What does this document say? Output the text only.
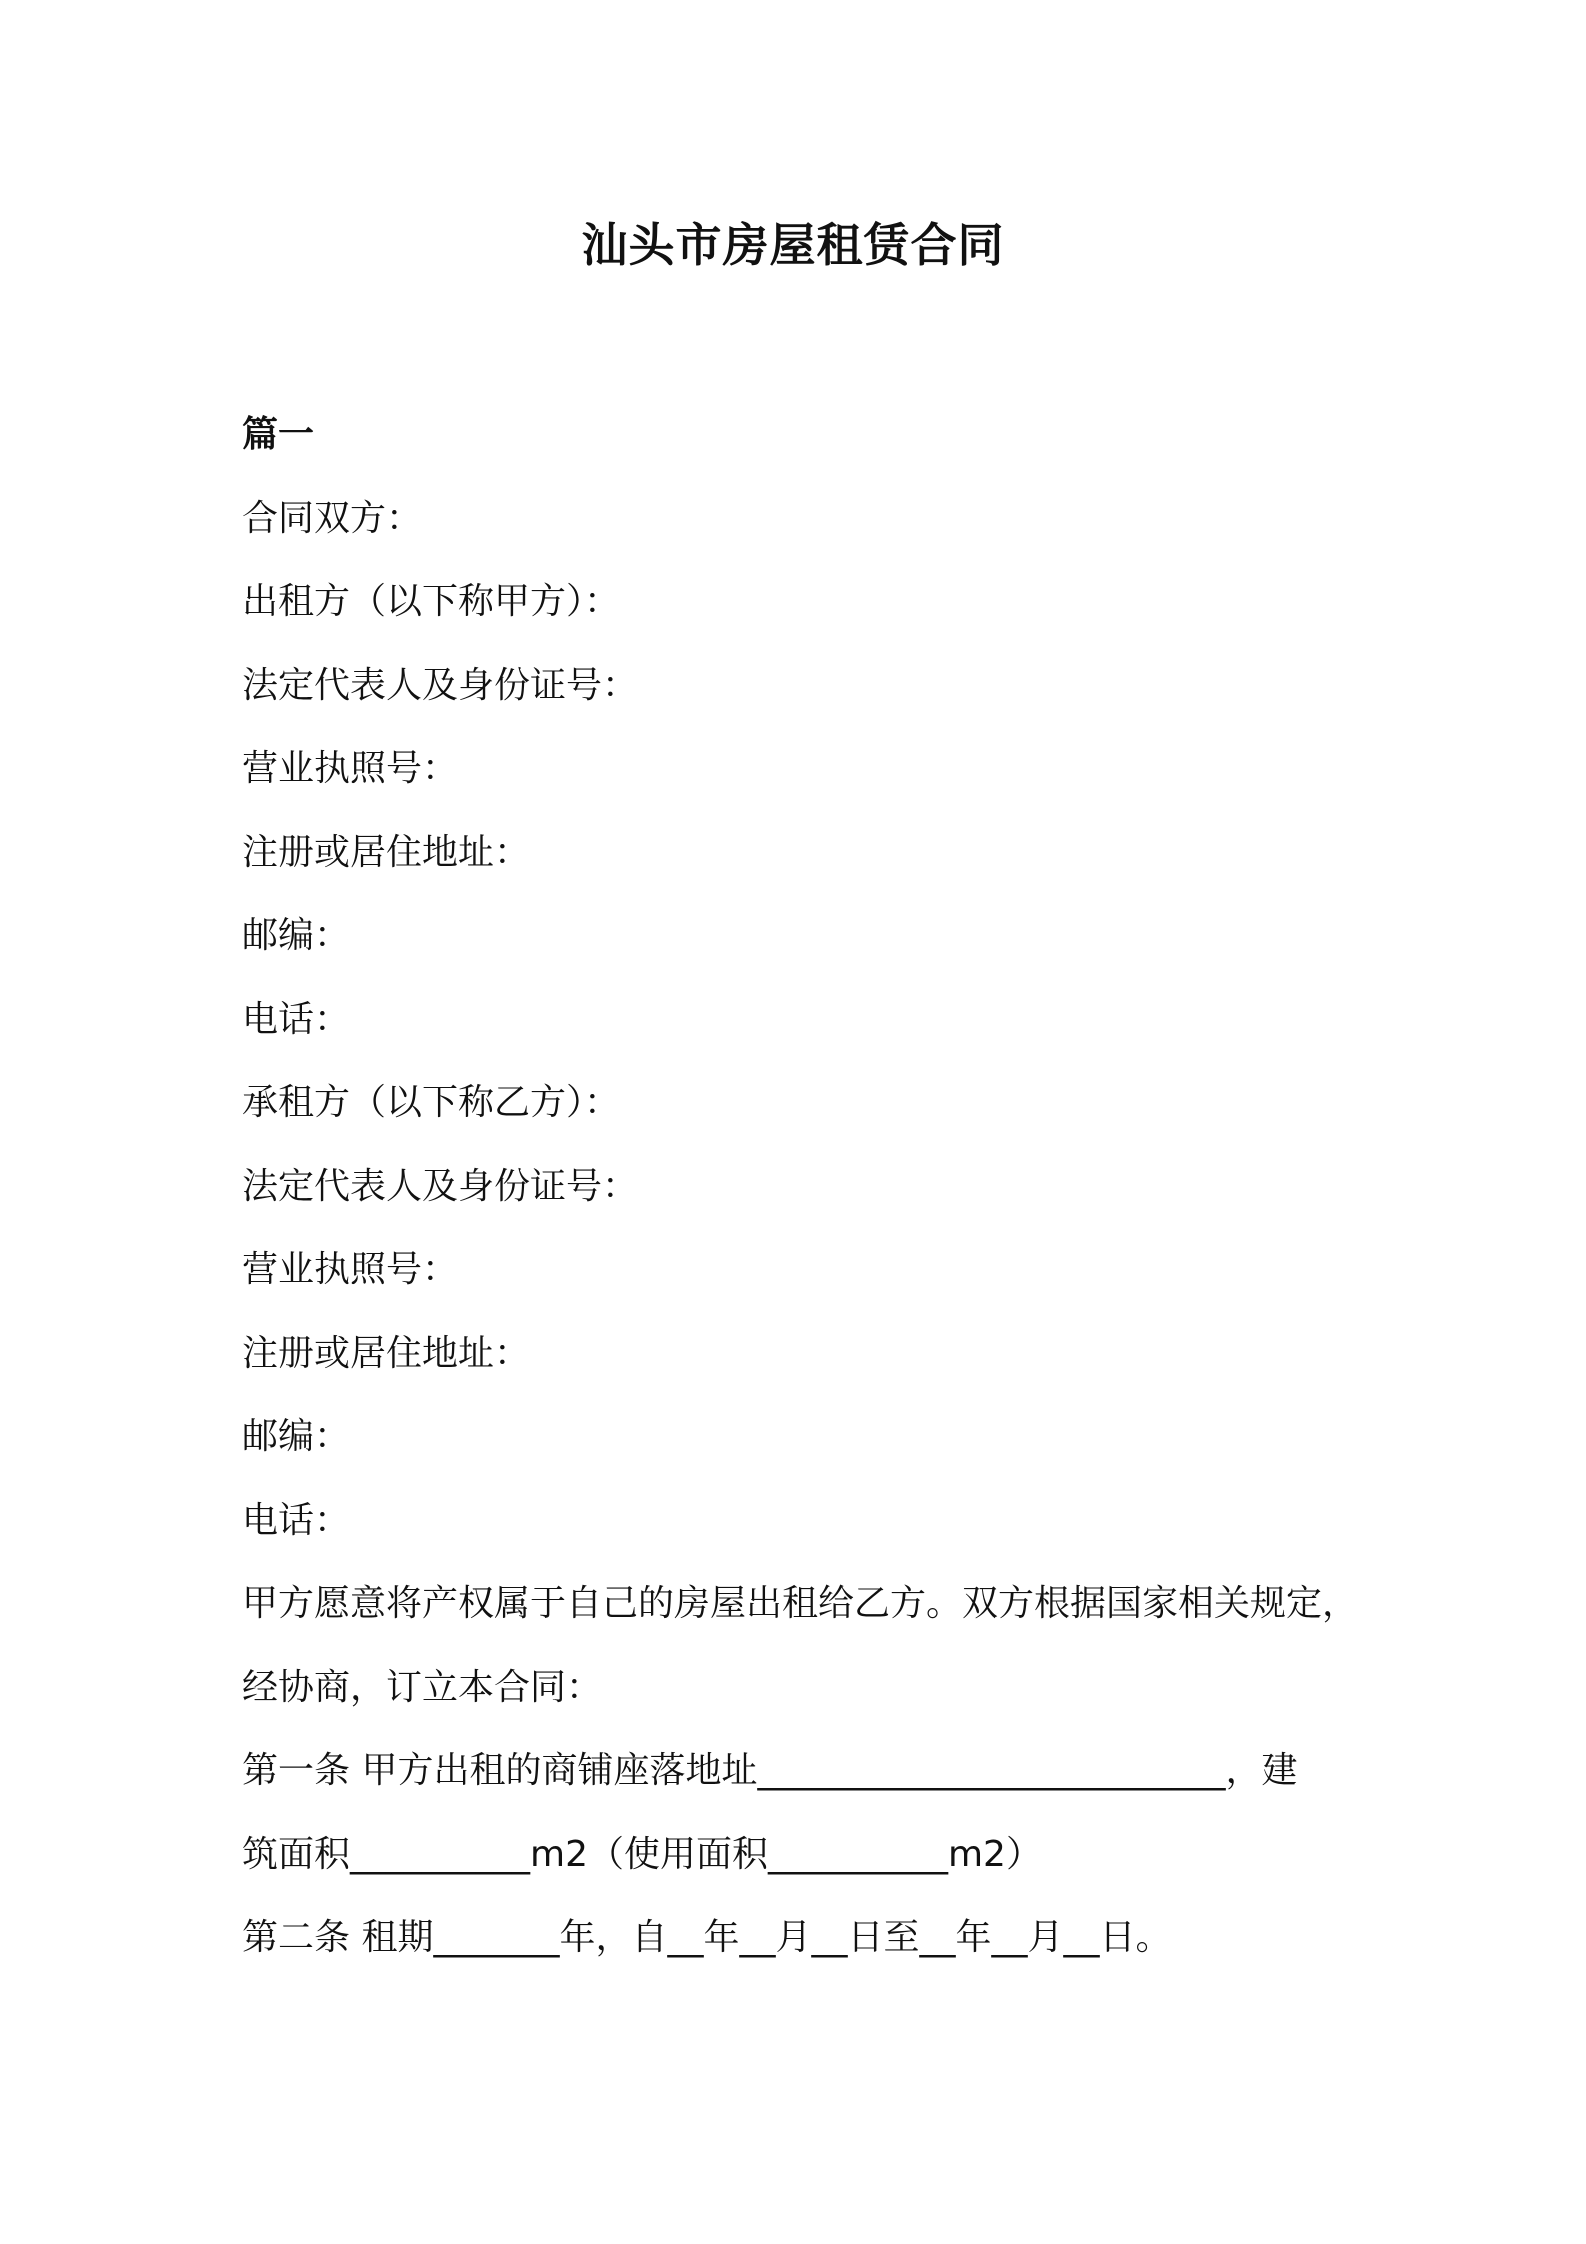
汕头市房屋租赁合同
篇一
合同双方：
出租方（以下称甲方）：
法定代表人及身份证号：
营业执照号：
注册或居住地址：
邮编：
电话：
承租方（以下称乙方）：
法定代表人及身份证号：
营业执照号：
注册或居住地址：
邮编：
电话：
甲方愿意将产权属于自己的房屋出租给乙方。双方根据国家相关规定，
经协商，订立本合同：
第一条 甲方出租的商铺座落地址__________________________，建
筑面积__________m2（使用面积__________m2）
第二条 租期_______年，自__年__月__日至__年__月__日。
